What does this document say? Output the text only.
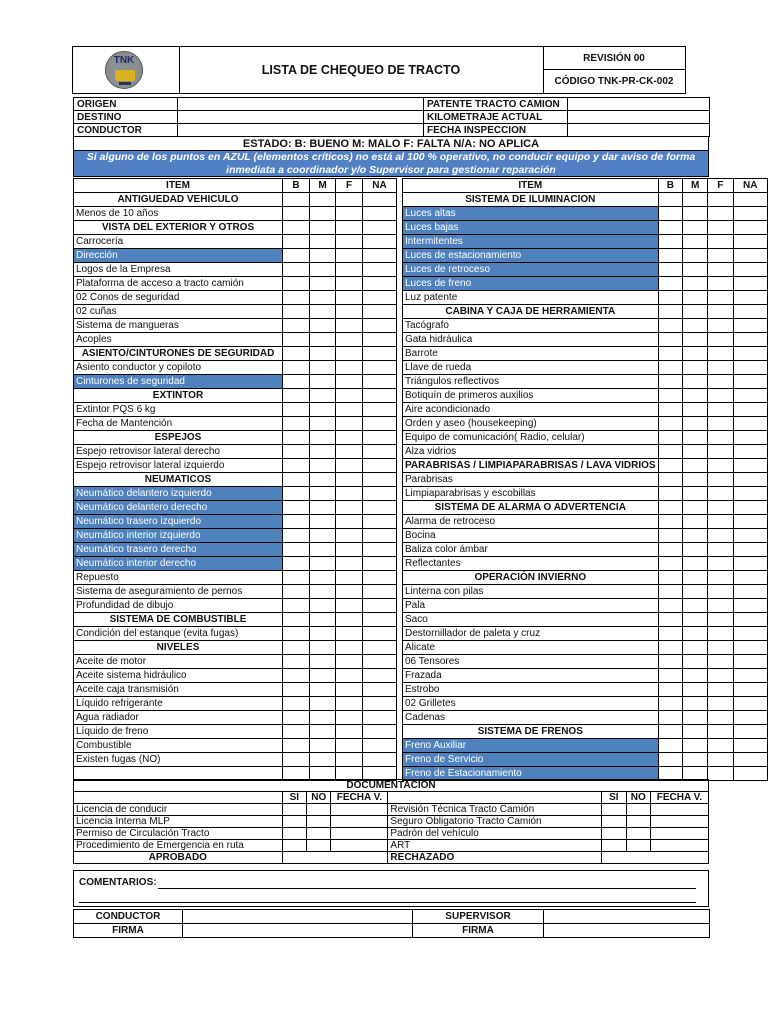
TNK
LISTA DE CHEQUEO DE TRACTO
REVISIÓN 00
CÓDIGO TNK-PR-CK-002
ORIGEN		PATENTE TRACTO CAMION	
DESTINO		KILOMETRAJE ACTUAL	
CONDUCTOR		FECHA INSPECCION	
ESTADO: B: BUENO M: MALO F: FALTA N/A: NO APLICA
Si alguno de los puntos en AZUL (elementos críticos) no está al 100 % operativo, no conducir equipo y dar aviso de forma inmediata a coordinador y/o Supervisor para gestionar reparación
ITEM	B	M	F	NA
ANTIGUEDAD VEHICULO				
Menos de 10 años				
VISTA DEL EXTERIOR Y OTROS				
Carrocería				
Dirección				
Logos de la Empresa				
Plataforma de acceso a tracto camión				
02 Conos de seguridad				
02 cuñas				
Sistema de mangueras				
Acoples				
ASIENTO/CINTURONES DE SEGURIDAD				
Asiento conductor y copiloto				
Cinturones de seguridad				
EXTINTOR				
Extintor PQS 6 kg				
Fecha de Mantención				
ESPEJOS				
Espejo retrovisor lateral derecho				
Espejo retrovisor lateral izquierdo				
NEUMATICOS				
Neumático delantero izquierdo				
Neumático delantero derecho				
Neumático trasero izquierdo				
Neumático interior izquierdo				
Neumático trasero derecho				
Neumático interior derecho				
Repuesto				
Sistema de aseguramiento de pernos				
Profundidad de dibujo				
SISTEMA DE COMBUSTIBLE				
Condición del estanque (evita fugas)				
NIVELES				
Aceite de motor				
Aceite sistema hidráulico				
Aceite caja transmisión				
Líquido refrigerante				
Agua radiador				
Líquido de freno				
Combustible				
Existen fugas (NO)				

ITEM	B	M	F	NA
SISTEMA DE ILUMINACION				
Luces altas				
Luces bajas				
Intermitentes				
Luces de estacionamiento				
Luces de retroceso				
Luces de freno				
Luz patente				
CABINA Y CAJA DE HERRAMIENTA				
Tacógrafo				
Gata hidráulica				
Barrote				
Llave de rueda				
Triángulos reflectivos				
Botiquín de primeros auxilios				
Aire acondicionado				
Orden y aseo (housekeeping)				
Equipo de comunicación( Radio, celular)				
Alza vidrios				
PARABRISAS / LIMPIAPARABRISAS / LAVA VIDRIOS				
Parabrisas				
Limpiaparabrisas y escobillas				
SISTEMA DE ALARMA O ADVERTENCIA				
Alarma de retroceso				
Bocina				
Baliza color ámbar				
Reflectantes				
OPERACIÓN INVIERNO				
Linterna con pilas				
Pala				
Saco				
Destornillador de paleta y cruz				
Alicate				
06 Tensores				
Frazada				
Estrobo				
02 Grilletes				
Cadenas				
SISTEMA DE FRENOS				
Freno Auxiliar				
Freno de Servicio				
Freno de Estacionamiento				
DOCUMENTACION							
	SI	NO	FECHA V.		SI	NO	FECHA V.
Licencia de conducir				Revisión Técnica Tracto Camión			
Licencia Interna MLP				Seguro Obligatorio Tracto Camión			
Permiso de Circulación Tracto				Padrón del vehículo			
Procedimiento de Emergencia en ruta				ART			
APROBADO				RECHAZADO			
COMENTARIOS:
CONDUCTOR		SUPERVISOR	
FIRMA		FIRMA	
